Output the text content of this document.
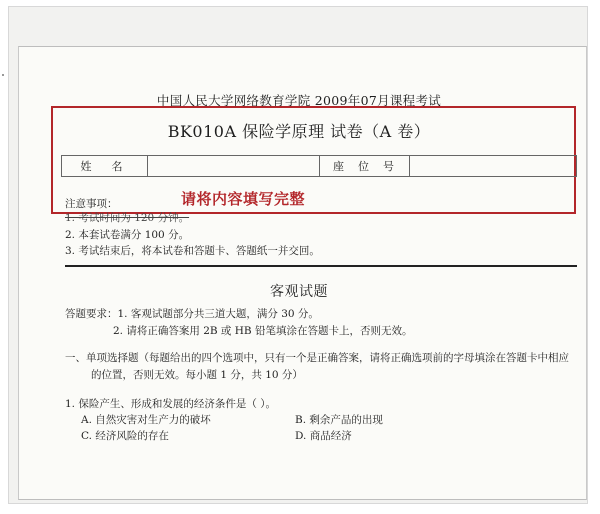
中国人民大学网络教育学院 2009年07月课程考试
BK010A 保险学原理 试卷（A 卷）
姓名	座位号
请将内容填写完整
注意事项：
1. 考试时间为 120 分钟。
2. 本套试卷满分 100 分。
3. 考试结束后，将本试卷和答题卡、答题纸一并交回。
客观试题
答题要求：1. 客观试题部分共三道大题，满分 30 分。
2. 请将正确答案用 2B 或 HB 铅笔填涂在答题卡上，否则无效。
一、单项选择题（每题给出的四个选项中，只有一个是正确答案，请将正确选项前的字母填涂在答题卡中相应
的位置，否则无效。每小题 1 分，共 10 分）
1. 保险产生、形成和发展的经济条件是（ ）。
A. 自然灾害对生产力的破坏	B. 剩余产品的出现
C. 经济风险的存在	D. 商品经济
